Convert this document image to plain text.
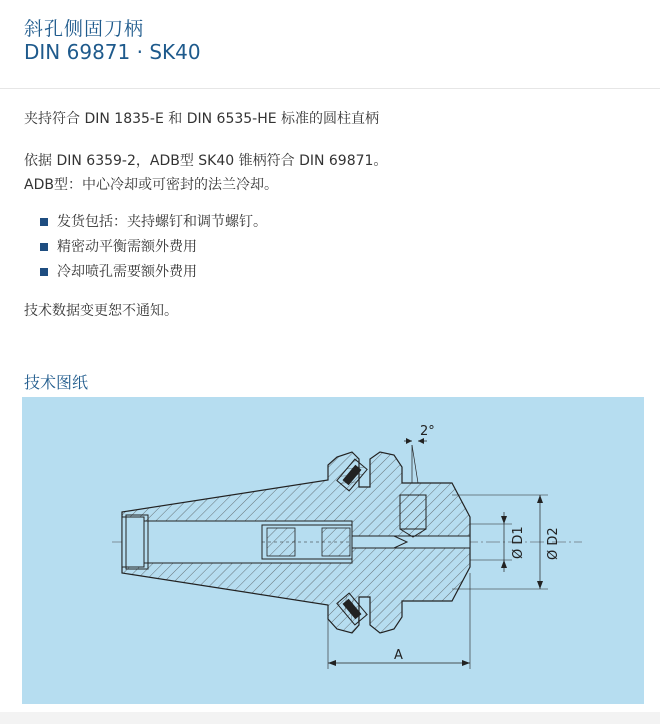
斜孔侧固刀柄
DIN 69871 · SK40
夹持符合 DIN 1835-E 和 DIN 6535-HE 标准的圆柱直柄
依据 DIN 6359-2，ADB型 SK40 锥柄符合 DIN 69871。
ADB型：中心冷却或可密封的法兰冷却。
发货包括：夹持螺钉和调节螺钉。
精密动平衡需额外费用
冷却喷孔需要额外费用
技术数据变更恕不通知。
技术图纸
2°
Ø D1 Ø D2
A
